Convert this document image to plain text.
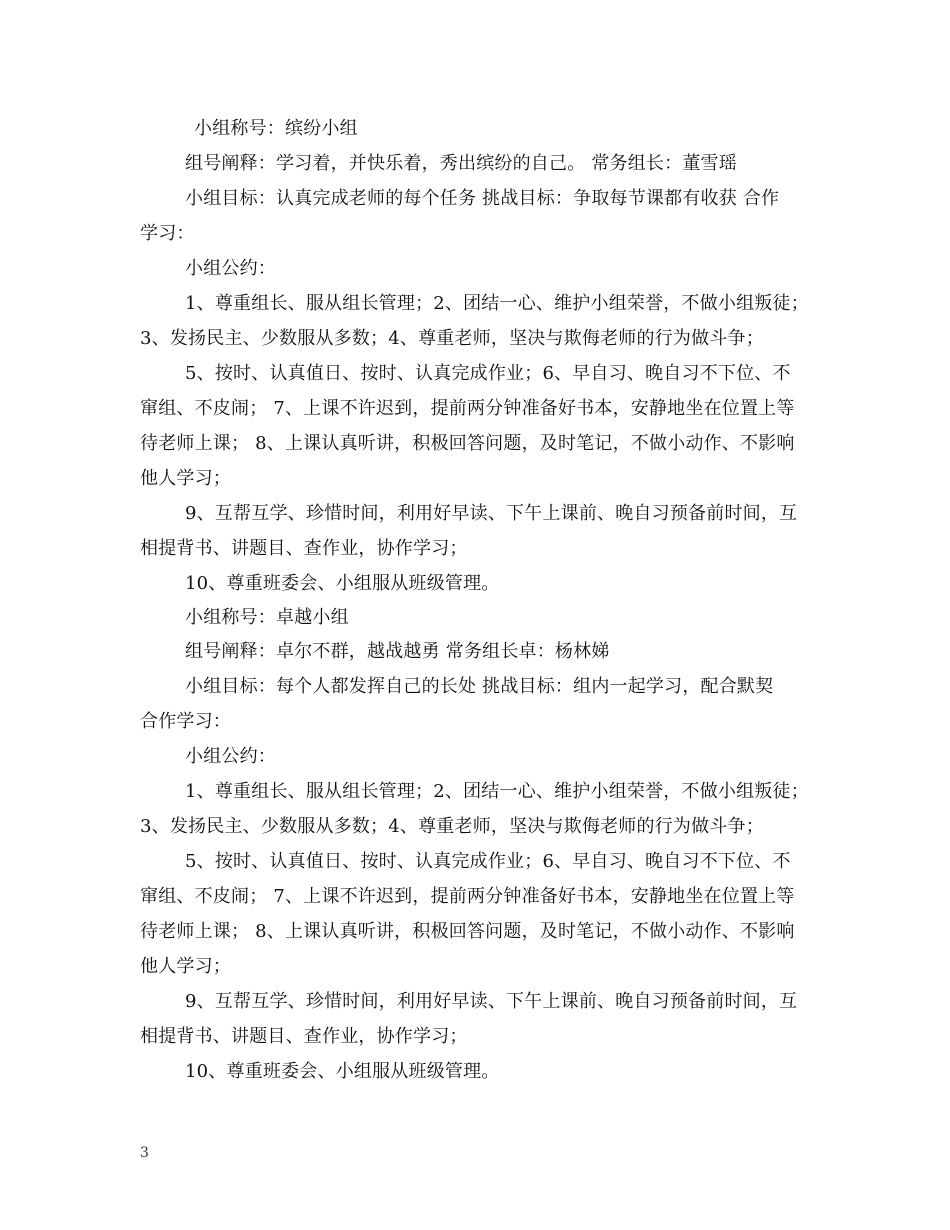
小组称号：缤纷小组
组号阐释：学习着，并快乐着，秀出缤纷的自己。 常务组长：董雪瑶
小组目标：认真完成老师的每个任务 挑战目标：争取每节课都有收获 合作
学习：
小组公约：
1、尊重组长、服从组长管理；2、团结一心、维护小组荣誉，不做小组叛徒；
3、发扬民主、少数服从多数；4、尊重老师，坚决与欺侮老师的行为做斗争；
5、按时、认真值日、按时、认真完成作业；6、早自习、晚自习不下位、不
窜组、不皮闹； 7、上课不许迟到，提前两分钟准备好书本，安静地坐在位置上等
待老师上课； 8、上课认真听讲，积极回答问题，及时笔记，不做小动作、不影响
他人学习；
9、互帮互学、珍惜时间，利用好早读、下午上课前、晚自习预备前时间，互
相提背书、讲题目、查作业，协作学习；
10、尊重班委会、小组服从班级管理。
小组称号：卓越小组
组号阐释：卓尔不群，越战越勇 常务组长卓：杨林娣
小组目标：每个人都发挥自己的长处 挑战目标：组内一起学习，配合默契
合作学习：
小组公约：
1、尊重组长、服从组长管理；2、团结一心、维护小组荣誉，不做小组叛徒；
3、发扬民主、少数服从多数；4、尊重老师，坚决与欺侮老师的行为做斗争；
5、按时、认真值日、按时、认真完成作业；6、早自习、晚自习不下位、不
窜组、不皮闹； 7、上课不许迟到，提前两分钟准备好书本，安静地坐在位置上等
待老师上课； 8、上课认真听讲，积极回答问题，及时笔记，不做小动作、不影响
他人学习；
9、互帮互学、珍惜时间，利用好早读、下午上课前、晚自习预备前时间，互
相提背书、讲题目、查作业，协作学习；
10、尊重班委会、小组服从班级管理。
3
